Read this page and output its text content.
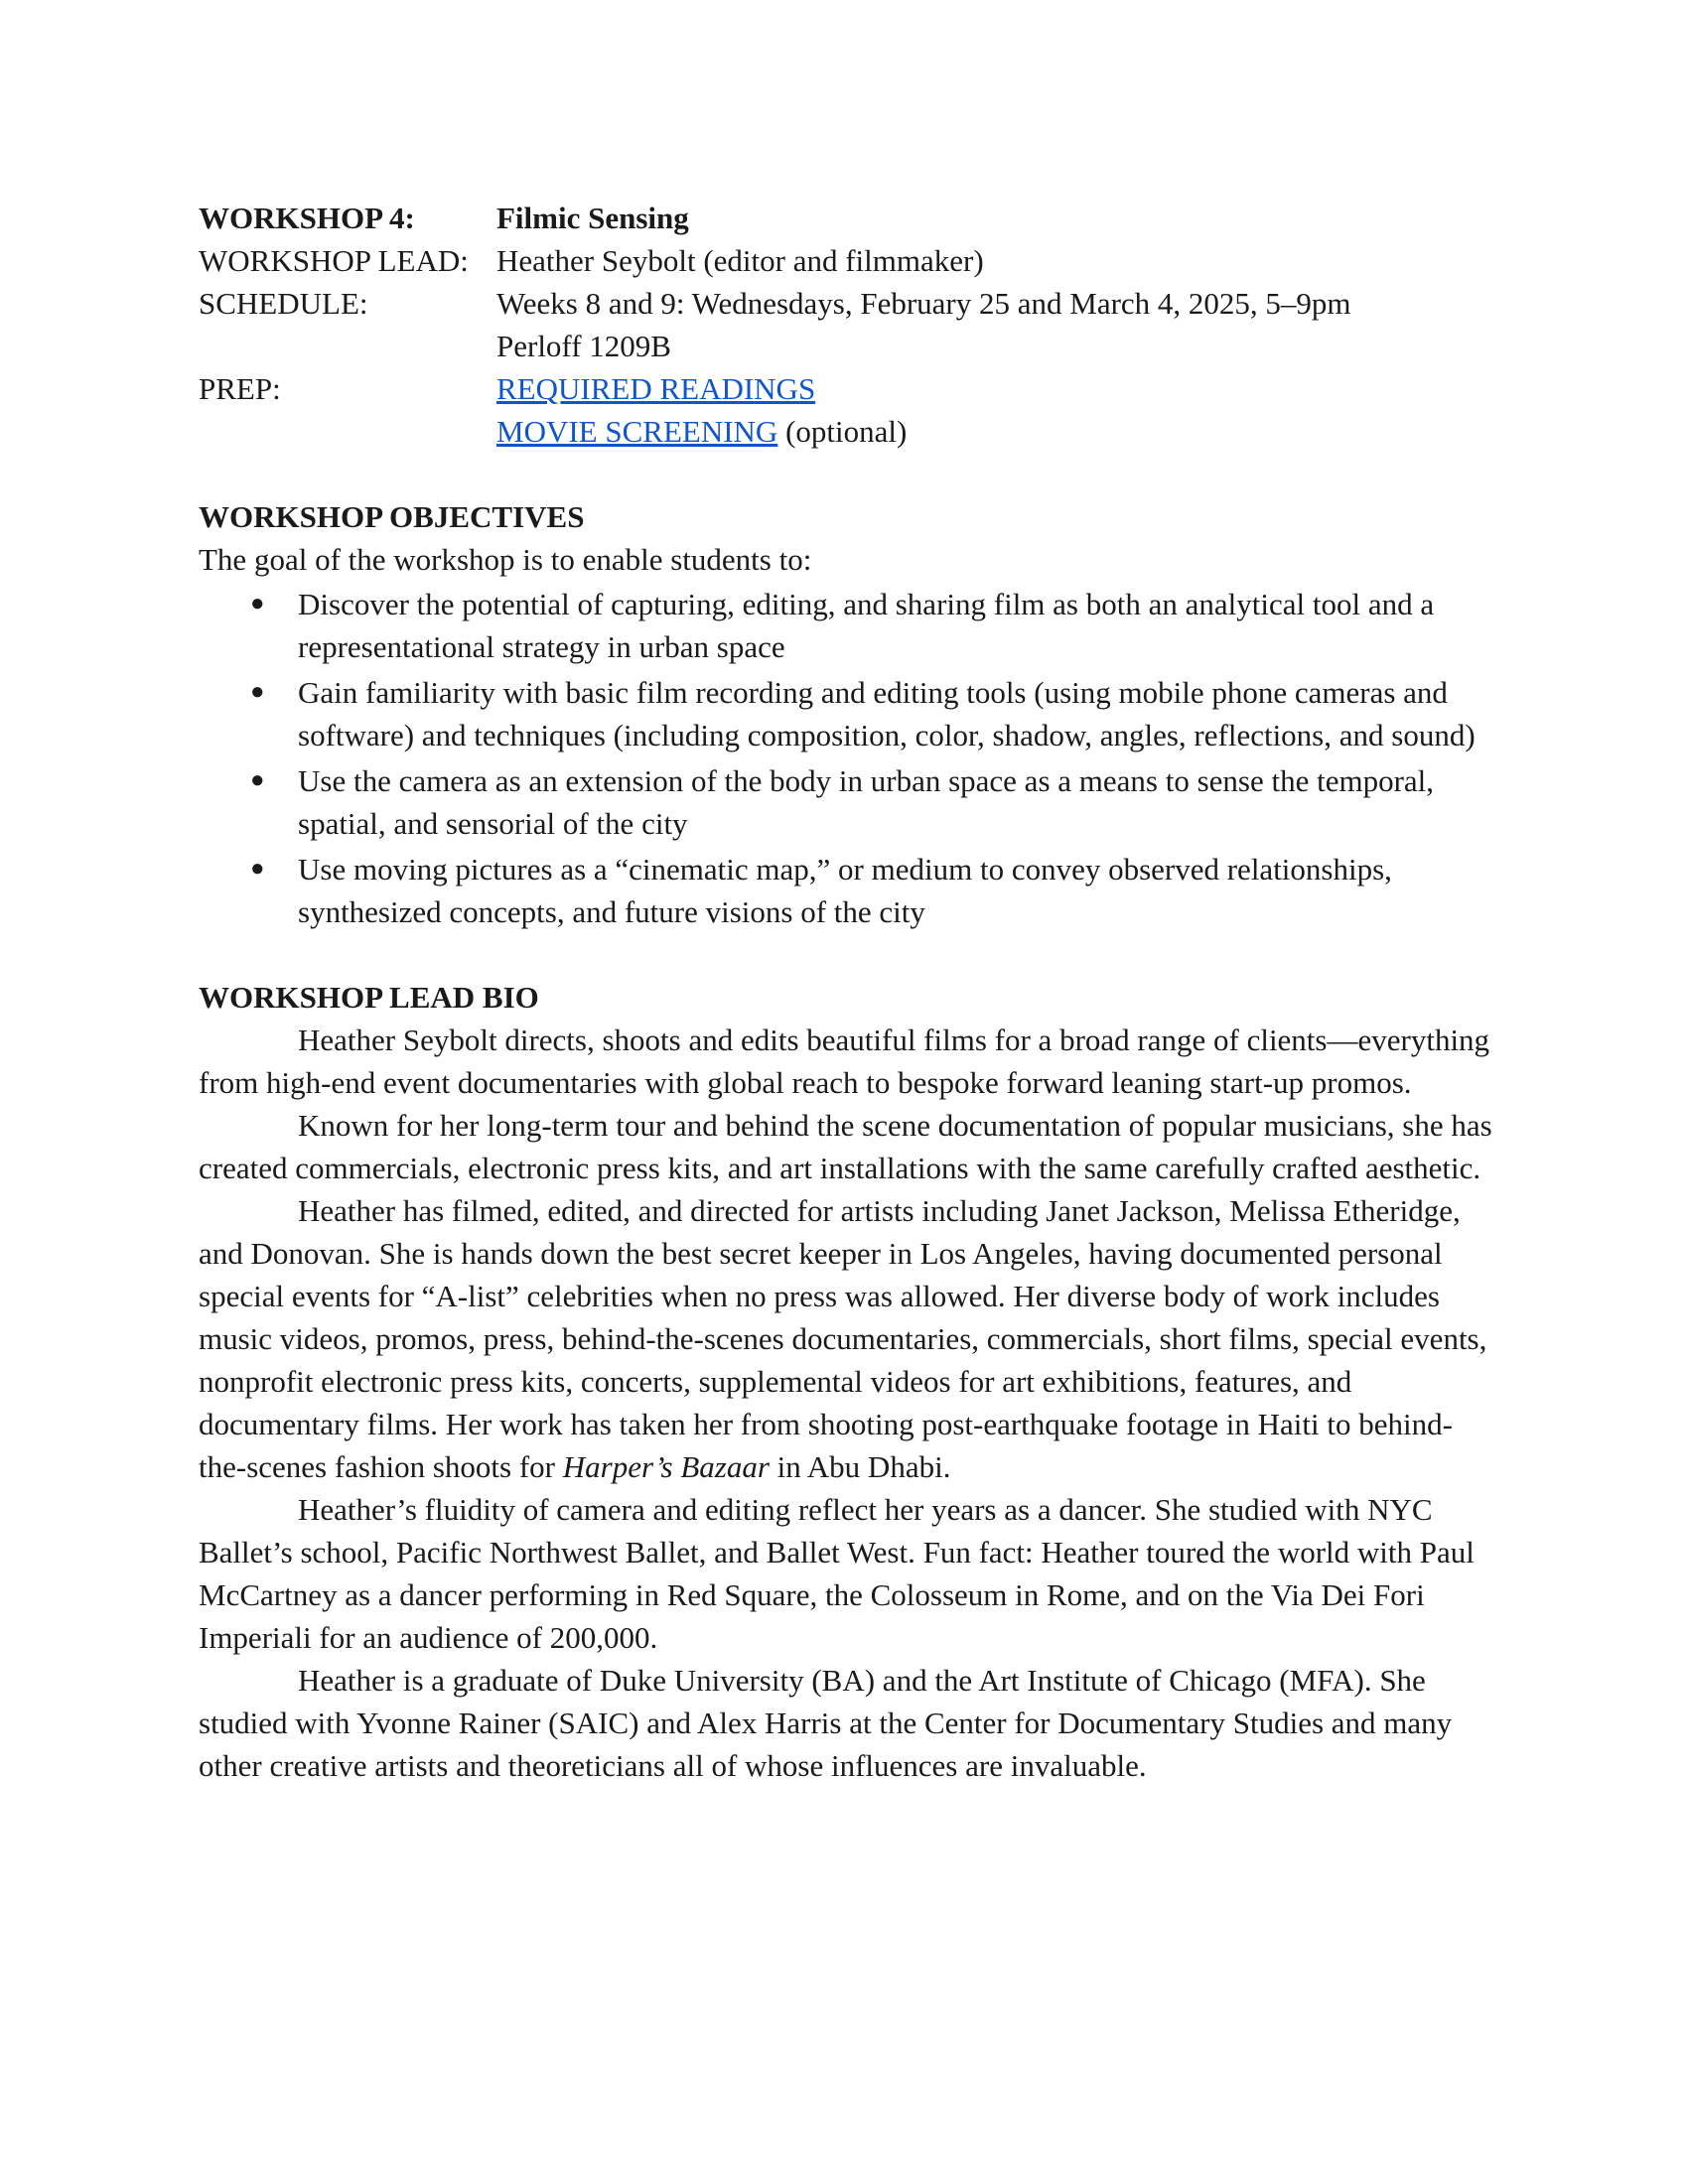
WORKSHOP 4:	Filmic Sensing
WORKSHOP LEAD: Heather Seybolt (editor and filmmaker)
SCHEDULE:	Weeks 8 and 9: Wednesdays, February 25 and March 4, 2025, 5–9pm
Perloff 1209B
PREP:	REQUIRED READINGS
MOVIE SCREENING (optional)
WORKSHOP OBJECTIVES
The goal of the workshop is to enable students to:
● Discover the potential of capturing, editing, and sharing film as both an analytical tool and a representational strategy in urban space
● Gain familiarity with basic film recording and editing tools (using mobile phone cameras and software) and techniques (including composition, color, shadow, angles, reflections, and sound)
● Use the camera as an extension of the body in urban space as a means to sense the temporal, spatial, and sensorial of the city
● Use moving pictures as a “cinematic map,” or medium to convey observed relationships, synthesized concepts, and future visions of the city
WORKSHOP LEAD BIO

Heather Seybolt directs, shoots and edits beautiful films for a broad range of clients—everything from high-end event documentaries with global reach to bespoke forward leaning start-up promos.

Known for her long-term tour and behind the scene documentation of popular musicians, she has created commercials, electronic press kits, and art installations with the same carefully crafted aesthetic.

Heather has filmed, edited, and directed for artists including Janet Jackson, Melissa Etheridge, and Donovan. She is hands down the best secret keeper in Los Angeles, having documented personal special events for “A-list” celebrities when no press was allowed. Her diverse body of work includes music videos, promos, press, behind-the-scenes documentaries, commercials, short films, special events, nonprofit electronic press kits, concerts, supplemental videos for art exhibitions, features, and documentary films. Her work has taken her from shooting post-earthquake footage in Haiti to behind-the-scenes fashion shoots for Harper’s Bazaar in Abu Dhabi.

Heather’s fluidity of camera and editing reflect her years as a dancer. She studied with NYC Ballet’s school, Pacific Northwest Ballet, and Ballet West. Fun fact: Heather toured the world with Paul McCartney as a dancer performing in Red Square, the Colosseum in Rome, and on the Via Dei Fori Imperiali for an audience of 200,000.

Heather is a graduate of Duke University (BA) and the Art Institute of Chicago (MFA). She studied with Yvonne Rainer (SAIC) and Alex Harris at the Center for Documentary Studies and many other creative artists and theoreticians all of whose influences are invaluable.
